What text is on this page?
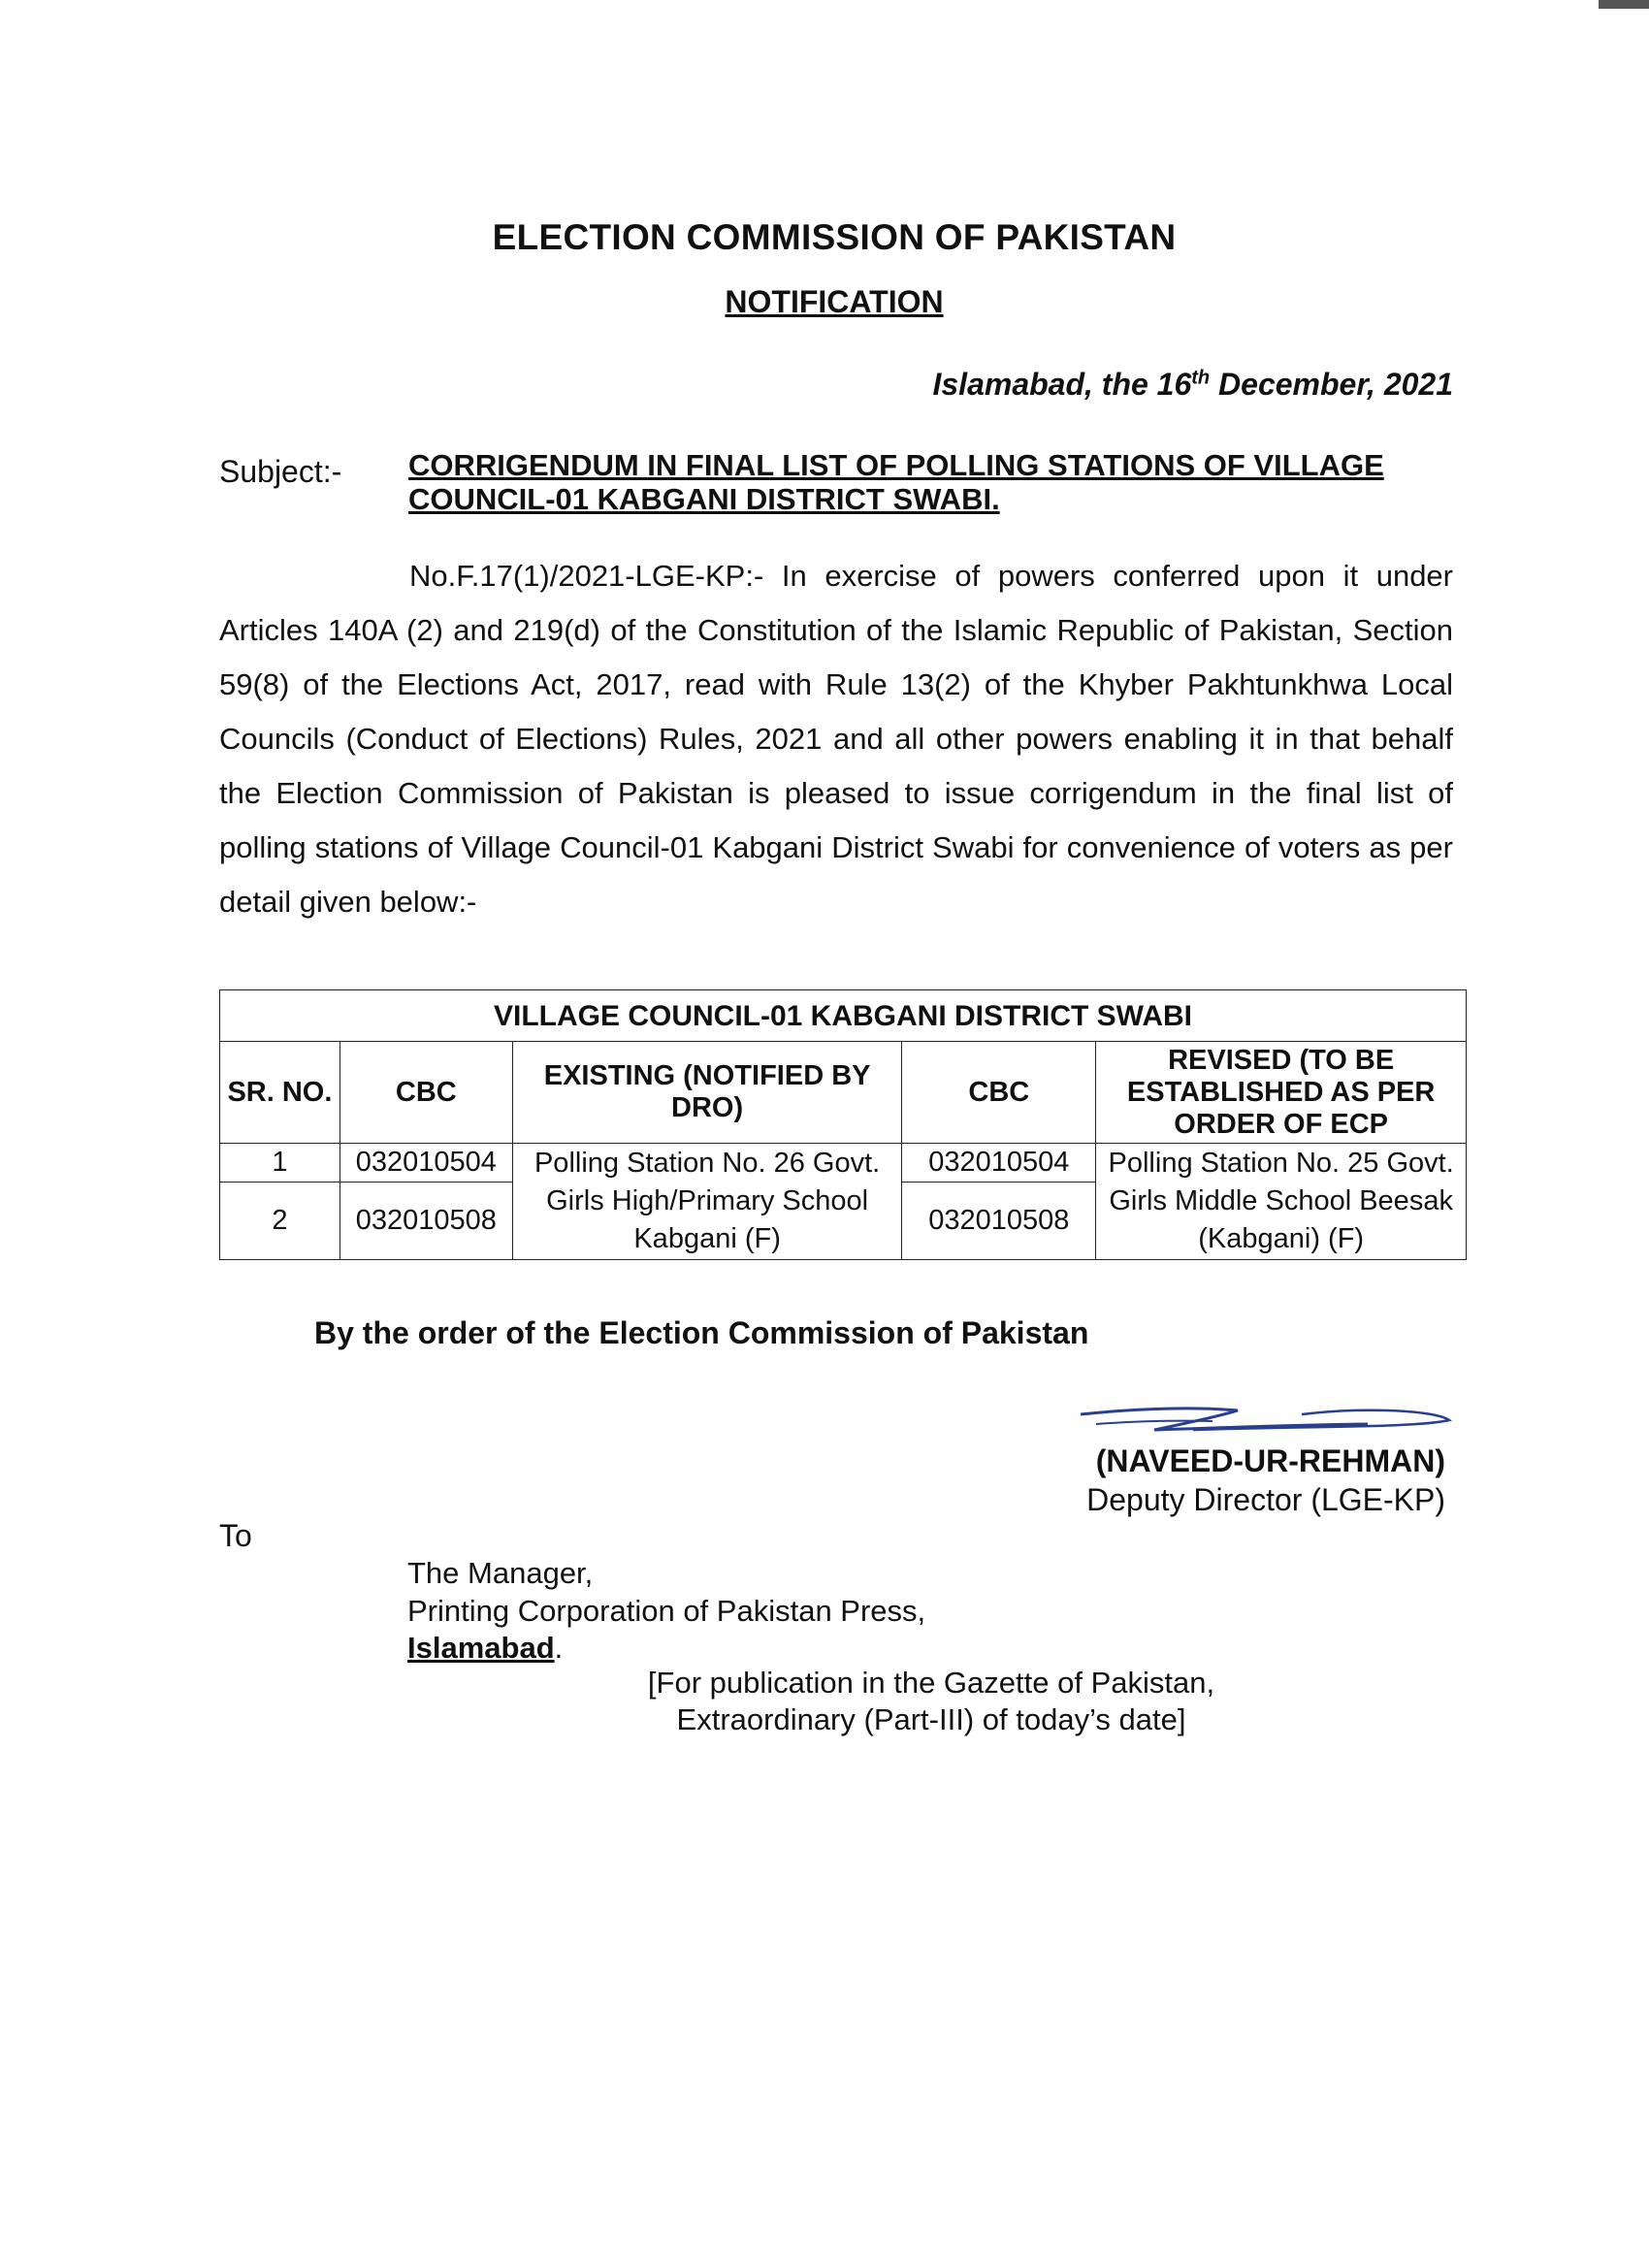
ELECTION COMMISSION OF PAKISTAN
NOTIFICATION
Islamabad, the 16th December, 2021
Subject:- CORRIGENDUM IN FINAL LIST OF POLLING STATIONS OF VILLAGE COUNCIL-01 KABGANI DISTRICT SWABI.
No.F.17(1)/2021-LGE-KP:- In exercise of powers conferred upon it under Articles 140A (2) and 219(d) of the Constitution of the Islamic Republic of Pakistan, Section 59(8) of the Elections Act, 2017, read with Rule 13(2) of the Khyber Pakhtunkhwa Local Councils (Conduct of Elections) Rules, 2021 and all other powers enabling it in that behalf the Election Commission of Pakistan is pleased to issue corrigendum in the final list of polling stations of Village Council-01 Kabgani District Swabi for convenience of voters as per detail given below:-
VILLAGE COUNCIL-01 KABGANI DISTRICT SWABI				
SR. NO.	CBC	EXISTING (NOTIFIED BY DRO)	CBC	REVISED (TO BE ESTABLISHED AS PER ORDER OF ECP
1	032010504	Polling Station No. 26 Govt. Girls High/Primary School Kabgani (F)	032010504	Polling Station No. 25 Govt. Girls Middle School Beesak (Kabgani) (F)
2	032010508		032010508	
By the order of the Election Commission of Pakistan
(NAVEED-UR-REHMAN)
Deputy Director (LGE-KP)
To
The Manager,
Printing Corporation of Pakistan Press,
Islamabad.
[For publication in the Gazette of Pakistan,
Extraordinary (Part-III) of today’s date]
